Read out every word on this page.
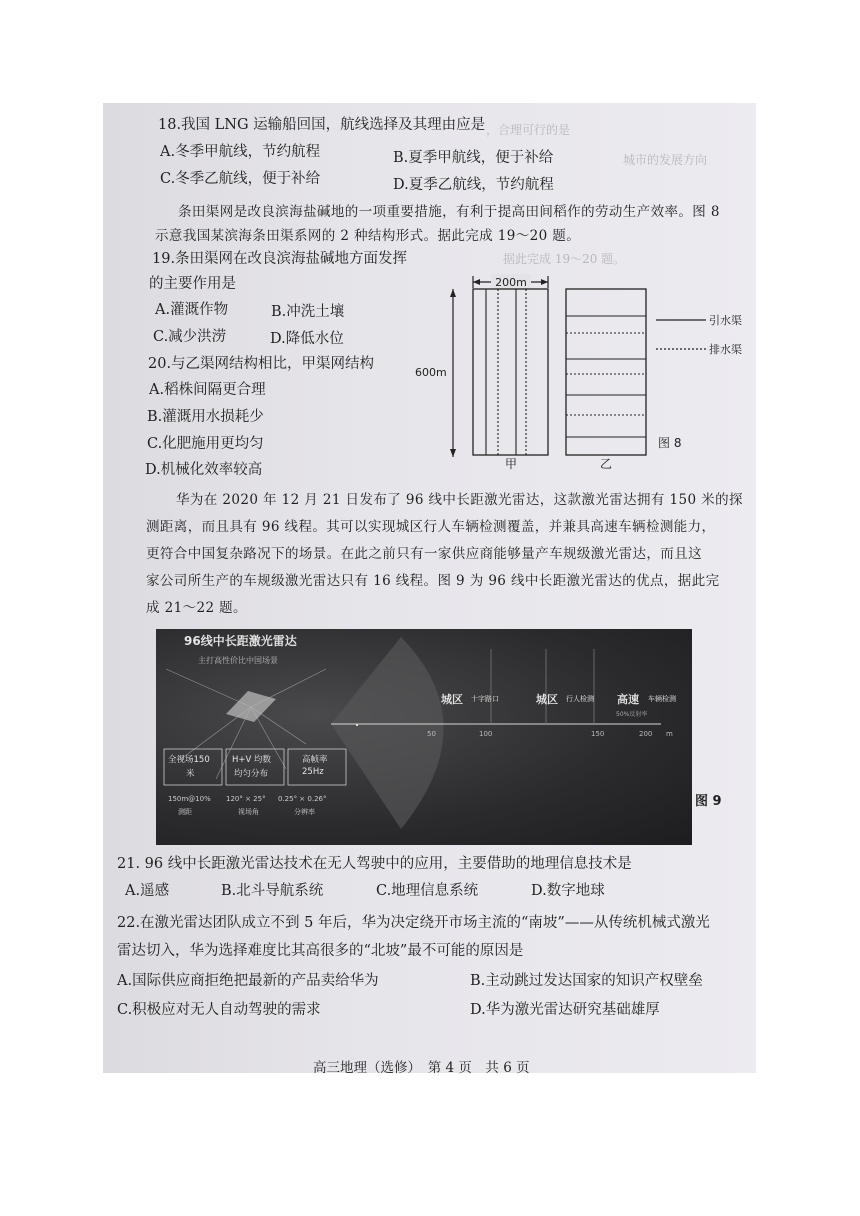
，合理可行的是
城市的发展方向
据此完成 19～20 题。
18.我国 LNG 运输船回国，航线选择及其理由应是
A.冬季甲航线，节约航程	B.夏季甲航线，便于补给
C.冬季乙航线，便于补给	D.夏季乙航线，节约航程
条田渠网是改良滨海盐碱地的一项重要措施，有利于提高田间稻作的劳动生产效率。图 8
示意我国某滨海条田渠系网的 2 种结构形式。据此完成 19～20 题。
19.条田渠网在改良滨海盐碱地方面发挥
的主要作用是
A.灌溉作物	B.冲洗土壤
C.减少洪涝	D.降低水位
20.与乙渠网结构相比，甲渠网结构
A.稻株间隔更合理
B.灌溉用水损耗少
C.化肥施用更均匀
D.机械化效率较高
200m
600m
引水渠
排水渠
甲	乙
图 8
华为在 2020 年 12 月 21 日发布了 96 线中长距激光雷达，这款激光雷达拥有 150 米的探
测距离，而且具有 96 线程。其可以实现城区行人车辆检测覆盖，并兼具高速车辆检测能力，
更符合中国复杂路况下的场景。在此之前只有一家供应商能够量产车规级激光雷达，而且这
家公司所生产的车规级激光雷达只有 16 线程。图 9 为 96 线中长距激光雷达的优点，据此完
成 21～22 题。
96线中长距激光雷达
主打高性价比中国场景
城区 十字路口	城区 行人检测 高速 车辆检测
50%反射率
50	100	150	200 m
全视场150
米
H+V 均数
均匀分布
高帧率
25Hz
150m@10%
测距
120° × 25°
视场角
0.25° × 0.26°
分辨率
图 9
21. 96 线中长距激光雷达技术在无人驾驶中的应用，主要借助的地理信息技术是
A.遥感	B.北斗导航系统	C.地理信息系统	D.数字地球
22.在激光雷达团队成立不到 5 年后，华为决定绕开市场主流的“南坡”——从传统机械式激光
雷达切入，华为选择难度比其高很多的“北坡”最不可能的原因是
A.国际供应商拒绝把最新的产品卖给华为	B.主动跳过发达国家的知识产权壁垒
C.积极应对无人自动驾驶的需求	D.华为激光雷达研究基础雄厚
高三地理（选修）　第 4 页　共 6 页
